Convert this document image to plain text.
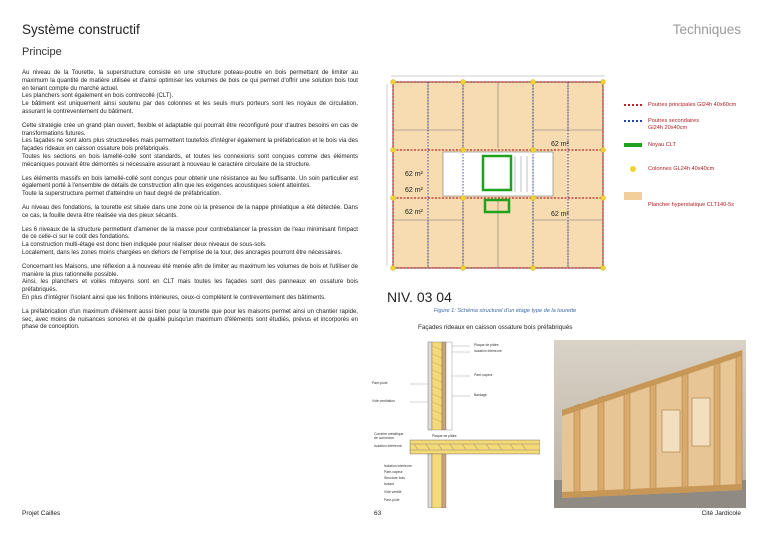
Système constructif	Techniques
Principe

Au niveau de la Tourette, la superstructure consiste en une structure poteau-poutre en bois permettant de limiter au maximum la quantité de matière utilisée et d'ainsi optimiser les volumes de bois ce qui permet d'offrir une solution bois tout en tenant compte du marché actuel.
Les planchers sont également en bois contrecollé (CLT).
Le bâtiment est uniquement ainsi soutenu par des colonnes et les seuls murs porteurs sont les noyaux de circulation, assurant le contreventement du bâtiment.

Cette stratégie crée un grand plan ouvert, flexible et adaptable qui pourrait être reconfiguré pour d'autres besoins en cas de transformations futures.
Les façades ne sont alors plus structurelles mais permettent toutefois d'intégrer également la préfabrication et le bois via des façades rideaux en caisson ossature bois préfabriqués.
Toutes les sections en bois lamellé-collé sont standards, et toutes les connexions sont conçues comme des éléments mécaniques pouvant être démontés si nécessaire assurant à nouveau le caractère circulaire de la structure.

Les éléments massifs en bois lamellé-collé sont conçus pour obtenir une résistance au feu suffisante. Un soin particulier est également porté à l'ensemble de détails de construction afin que les exigences acoustiques soient atteintes.
Toute la superstructure permet d'atteindre un haut degré de préfabrication.

Au niveau des fondations, la tourette est située dans une zone où la présence de la nappe phréatique a été détectée. Dans ce cas, la fouille devra être réalisée via des pieux sécants.

Les 6 niveaux de la structure permettent d'amener de la masse pour contrebalancer la pression de l'eau minimisant l'impact de ce celle-ci sur le coût des fondations.
La construction multi-étage est donc bien indiquée pour réaliser deux niveaux de sous-sols.
Localement, dans les zones moins chargées en dehors de l'emprise de la tour, des ancrages pourront être nécessaires.

Concernant les Maisons, une réflexion a à nouveau été menée afin de limiter au maximum les volumes de bois et l'utiliser de manière la plus rationnelle possible.
Ainsi, les planchers et voiles mitoyens sont en CLT mais toutes les façades sont des panneaux en ossature bois préfabriqués.
En plus d'intégrer l'isolant ainsi que les finitions intérieures, ceux-ci complètent le contreventement des bâtiments.

La préfabrication d'un maximum d'élément aussi bien pour la tourette que pour les maisons permet ainsi un chantier rapide, sec, avec moins de nuisances sonores et de qualité puisqu'un maximum d'éléments sont étudiés, prévus et incorporés en phase de conception.

62 m²
62 m²
62 m²
62 m²
62 m²
NIV. 03 04
Figure 1: Schéma structurel d'un étage type de la tourette
Poutres principales Gl24h 40x60cm
Poutres secondaires Gl24h 20x40cm
Noyau CLT
Colonnes GL24h 40x40cm
Plancher hyperstatique CLT140-5s
Façades rideaux en caisson ossature bois préfabriqués
Plaque de plâtre
Isolation intérieure
Pare-vapeur
Bardage
Pare-pluie
Vide ventilation
Cornière métallique de connexion
Isolation inférieure
Plaque de plâtre
Isolation intérieure
Pare-vapeur
Structure bois
Isolant
Vide ventilé
Pare-pluie
Projet Cailles	63	Cité Jardicole
